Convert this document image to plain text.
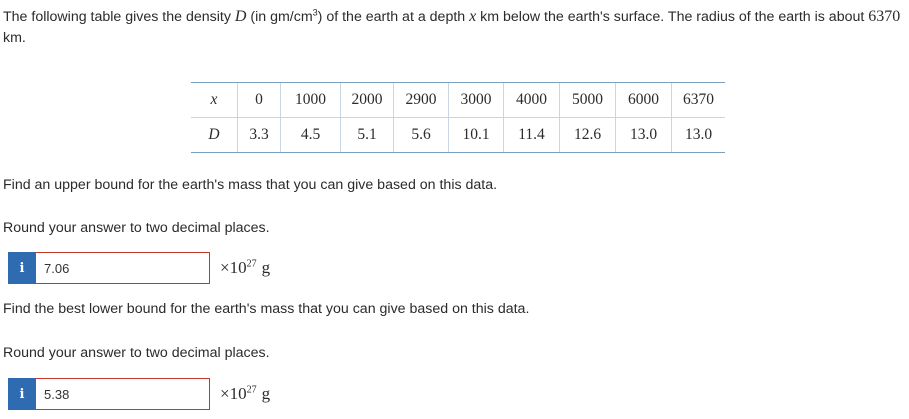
The following table gives the density D (in $gm/cm^3$) of the earth at a depth x km below the earth's surface. The radius of the earth is about 6370 km.

x	0	1000	2000	2900	3000	4000	5000	6000	6370
D	3.3	4.5	5.1	5.6	10.1	11.4	12.6	13.0	13.0

Find an upper bound for the earth's mass that you can give based on this data.

Round your answer to two decimal places.

i
7.06	$\times 10^{27}$ g

Find the best lower bound for the earth's mass that you can give based on this data.

Round your answer to two decimal places.

i
5.38	$\times 10^{27}$ g
